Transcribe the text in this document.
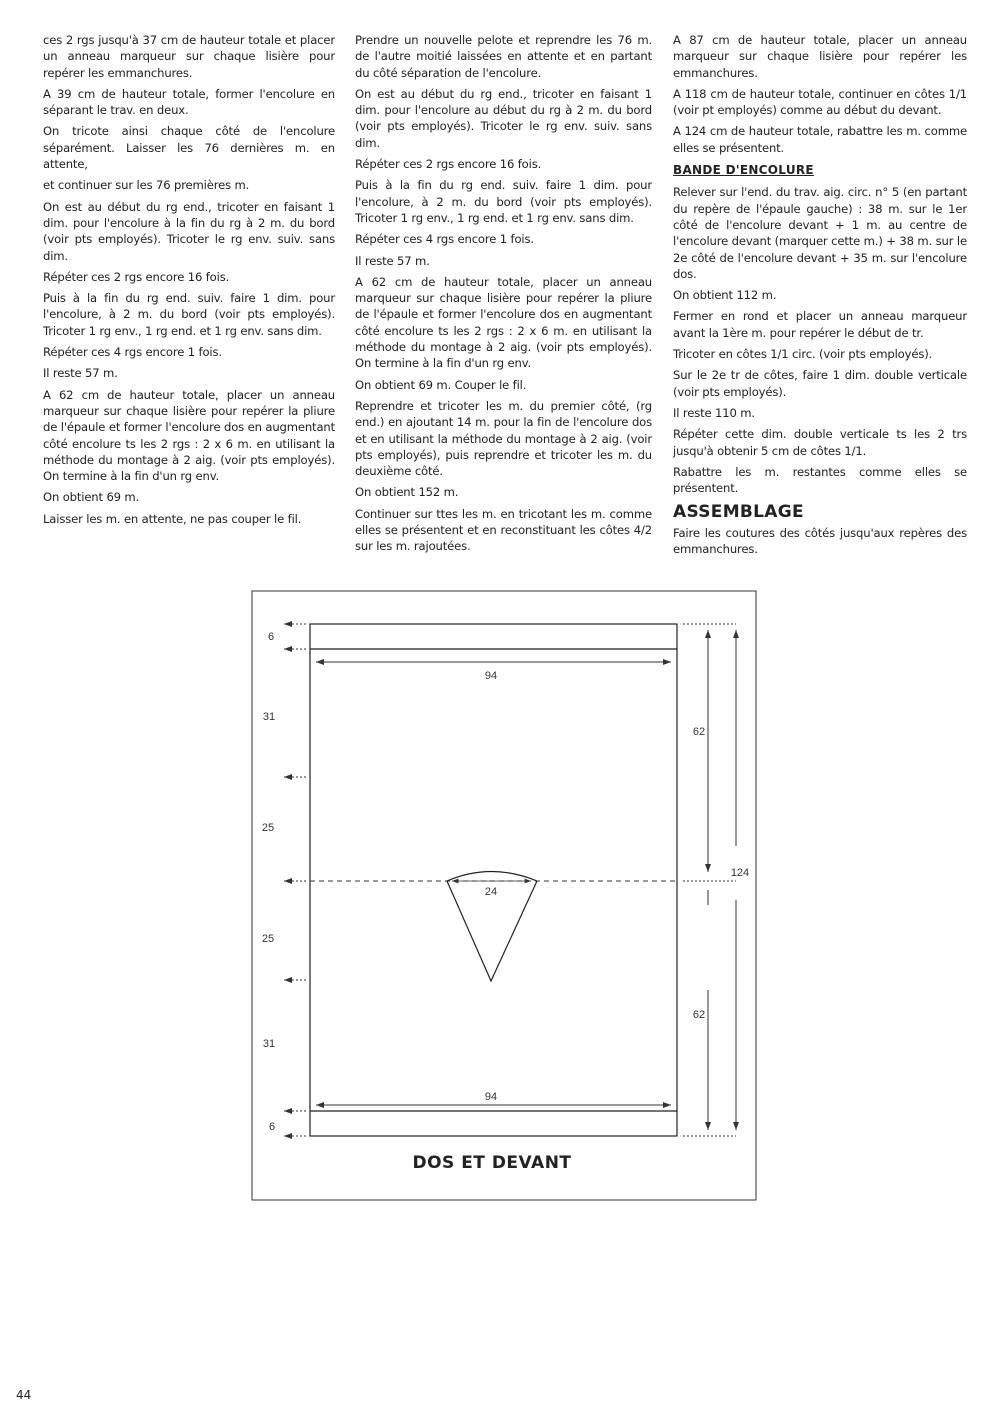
ces 2 rgs jusqu'à 37 cm de hauteur totale et placer un anneau marqueur sur chaque lisière pour repérer les emmanchures.

A 39 cm de hauteur totale, former l'encolure en séparant le trav. en deux.

On tricote ainsi chaque côté de l'encolure séparément. Laisser les 76 dernières m. en attente,

et continuer sur les 76 premières m.

On est au début du rg end., tricoter en faisant 1 dim. pour l'encolure à la fin du rg à 2 m. du bord (voir pts employés). Tricoter le rg env. suiv. sans dim.

Répéter ces 2 rgs encore 16 fois.

Puis à la fin du rg end. suiv. faire 1 dim. pour l'encolure, à 2 m. du bord (voir pts employés). Tricoter 1 rg env., 1 rg end. et 1 rg env. sans dim.

Répéter ces 4 rgs encore 1 fois.

Il reste 57 m.

A 62 cm de hauteur totale, placer un anneau marqueur sur chaque lisière pour repérer la pliure de l'épaule et former l'encolure dos en augmentant côté encolure ts les 2 rgs : 2 x 6 m. en utilisant la méthode du montage à 2 aig. (voir pts employés). On termine à la fin d'un rg env.

On obtient 69 m.

Laisser les m. en attente, ne pas couper le fil.

Prendre un nouvelle pelote et reprendre les 76 m. de l'autre moitié laissées en attente et en partant du côté séparation de l'encolure.

On est au début du rg end., tricoter en faisant 1 dim. pour l'encolure au début du rg à 2 m. du bord (voir pts employés). Tricoter le rg env. suiv. sans dim.

Répéter ces 2 rgs encore 16 fois.

Puis à la fin du rg end. suiv. faire 1 dim. pour l'encolure, à 2 m. du bord (voir pts employés). Tricoter 1 rg env., 1 rg end. et 1 rg env. sans dim.

Répéter ces 4 rgs encore 1 fois.

Il reste 57 m.

A 62 cm de hauteur totale, placer un anneau marqueur sur chaque lisière pour repérer la pliure de l'épaule et former l'encolure dos en augmentant côté encolure ts les 2 rgs : 2 x 6 m. en utilisant la méthode du montage à 2 aig. (voir pts employés). On termine à la fin d'un rg env.

On obtient 69 m. Couper le fil.

Reprendre et tricoter les m. du premier côté, (rg end.) en ajoutant 14 m. pour la fin de l'encolure dos et en utilisant la méthode du montage à 2 aig. (voir pts employés), puis reprendre et tricoter les m. du deuxième côté.

On obtient 152 m.

Continuer sur ttes les m. en tricotant les m. comme elles se présentent et en reconstituant les côtes 4/2 sur les m. rajoutées.

A 87 cm de hauteur totale, placer un anneau marqueur sur chaque lisière pour repérer les emmanchures.

A 118 cm de hauteur totale, continuer en côtes 1/1 (voir pt employés) comme au début du devant.

A 124 cm de hauteur totale, rabattre les m. comme elles se présentent.

BANDE D'ENCOLURE

Relever sur l'end. du trav. aig. circ. n° 5 (en partant du repère de l'épaule gauche) : 38 m. sur le 1er côté de l'encolure devant + 1 m. au centre de l'encolure devant (marquer cette m.) + 38 m. sur le 2e côté de l'encolure devant + 35 m. sur l'encolure dos.

On obtient 112 m.

Fermer en rond et placer un anneau marqueur avant la 1ère m. pour repérer le début de tr.

Tricoter en côtes 1/1 circ. (voir pts employés).

Sur le 2e tr de côtes, faire 1 dim. double verticale (voir pts employés).

Il reste 110 m.

Répéter cette dim. double verticale ts les 2 trs jusqu'à obtenir 5 cm de côtes 1/1.

Rabattre les m. restantes comme elles se présentent.

ASSEMBLAGE

Faire les coutures des côtés jusqu'aux repères des emmanchures.

94
94
24
6
31
25
25
31
6
62
62
124
DOS ET DEVANT
44
